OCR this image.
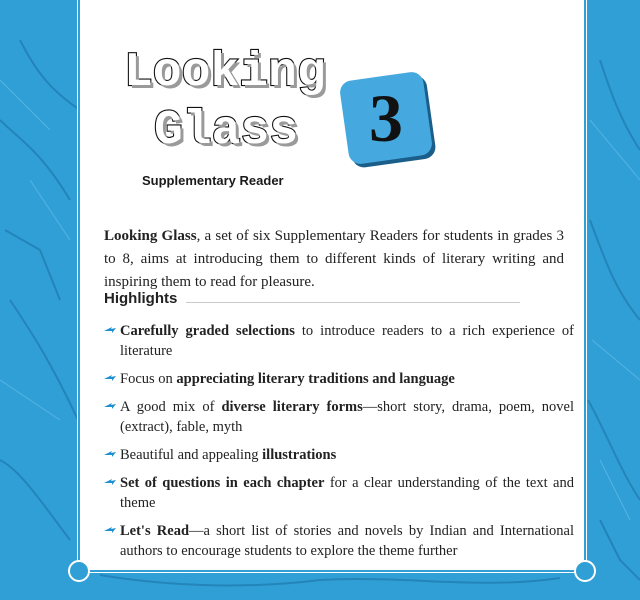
Looking
Glass
Supplementary Reader
3

Looking Glass, a set of six Supplementary Readers for students in grades 3 to 8, aims at introducing them to different kinds of literary writing and inspiring them to read for pleasure.

Highlights
Carefully graded selections to introduce readers to a rich experience of literature
Focus on appreciating literary traditions and language
A good mix of diverse literary forms—short story, drama, poem, novel (extract), fable, myth
Beautiful and appealing illustrations
Set of questions in each chapter for a clear understanding of the text and theme
Let's Read—a short list of stories and novels by Indian and International authors to encourage students to explore the theme further
